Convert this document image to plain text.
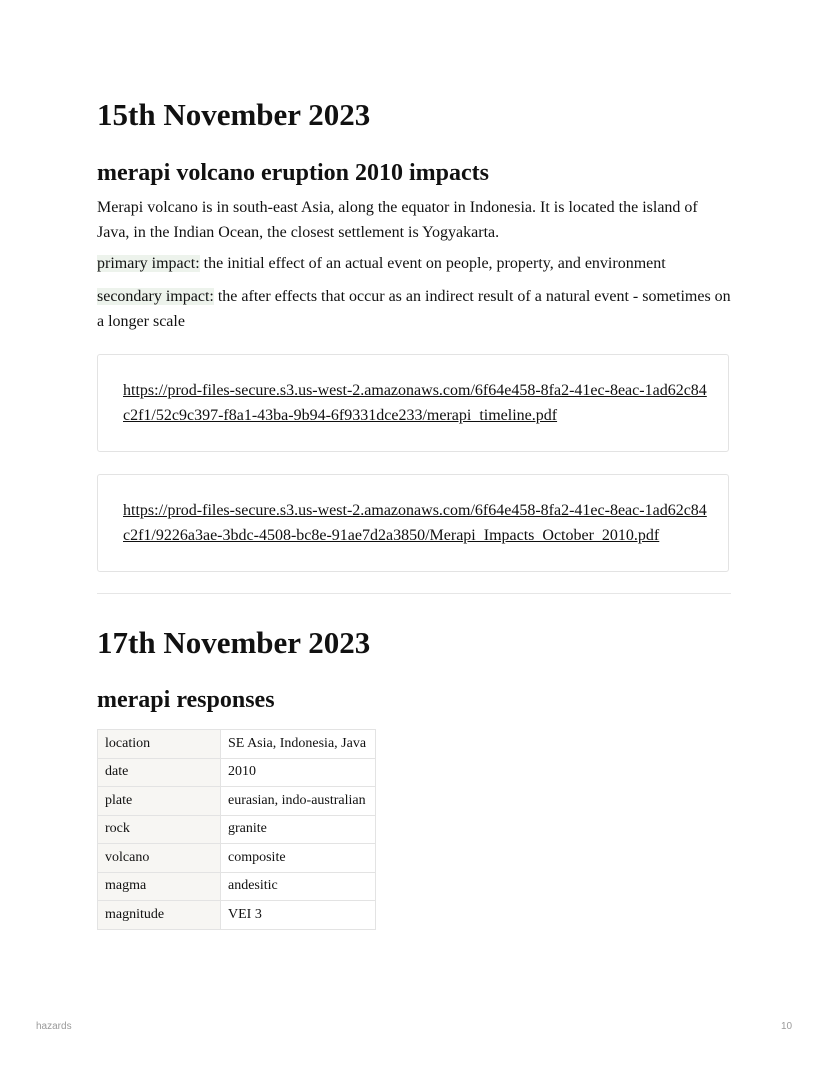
15th November 2023
merapi volcano eruption 2010 impacts

Merapi volcano is in south-east Asia, along the equator in Indonesia. It is located the island of Java, in the Indian Ocean, the closest settlement is Yogyakarta.

primary impact: the initial effect of an actual event on people, property, and environment

secondary impact: the after effects that occur as an indirect result of a natural event - sometimes on a longer scale

https://prod-files-secure.s3.us-west-2.amazonaws.com/6f64e458-8fa2-41ec-8eac-1ad62c84c2f1/52c9c397-f8a1-43ba-9b94-6f9331dce233/merapi_timeline.pdf
https://prod-files-secure.s3.us-west-2.amazonaws.com/6f64e458-8fa2-41ec-8eac-1ad62c84c2f1/9226a3ae-3bdc-4508-bc8e-91ae7d2a3850/Merapi_Impacts_October_2010.pdf
17th November 2023
merapi responses
location	SE Asia, Indonesia, Java
date	2010
plate	eurasian, indo-australian
rock	granite
volcano	composite
magma	andesitic
magnitude	VEI 3
hazards	10
